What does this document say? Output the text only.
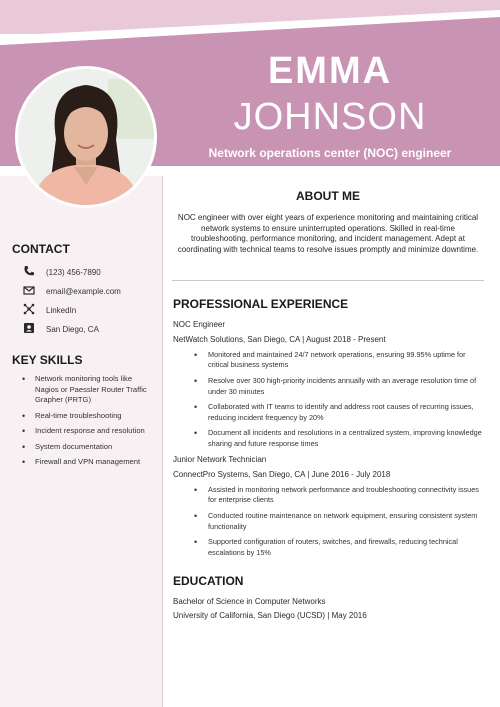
EMMA
JOHNSON
Network operations center (NOC) engineer
CONTACT
(123) 456-7890
email@example.com
LinkedIn
San Diego, CA
KEY SKILLS
• Network monitoring tools like Nagios or Paessler Router Traffic Grapher (PRTG)
• Real-time troubleshooting
• Incident response and resolution
• System documentation
• Firewall and VPN management
ABOUT ME
NOC engineer with over eight years of experience monitoring and maintaining critical network systems to ensure uninterrupted operations. Skilled in real-time troubleshooting, performance monitoring, and incident management. Adept at coordinating with technical teams to resolve issues promptly and minimize downtime.
PROFESSIONAL EXPERIENCE
NOC Engineer
NetWatch Solutions, San Diego, CA | August 2018 - Present
• Monitored and maintained 24/7 network operations, ensuring 99.95% uptime for critical business systems
• Resolve over 300 high-priority incidents annually with an average resolution time of under 30 minutes
• Collaborated with IT teams to identify and address root causes of recurring issues, reducing incident frequency by 20%
• Document all incidents and resolutions in a centralized system, improving knowledge sharing and future response times
Junior Network Technician
ConnectPro Systems, San Diego, CA | June 2016 - July 2018
• Assisted in monitoring network performance and troubleshooting connectivity issues for enterprise clients
• Conducted routine maintenance on network equipment, ensuring consistent system functionality
• Supported configuration of routers, switches, and firewalls, reducing technical escalations by 15%
EDUCATION
Bachelor of Science in Computer Networks
University of California, San Diego (UCSD) | May 2016
